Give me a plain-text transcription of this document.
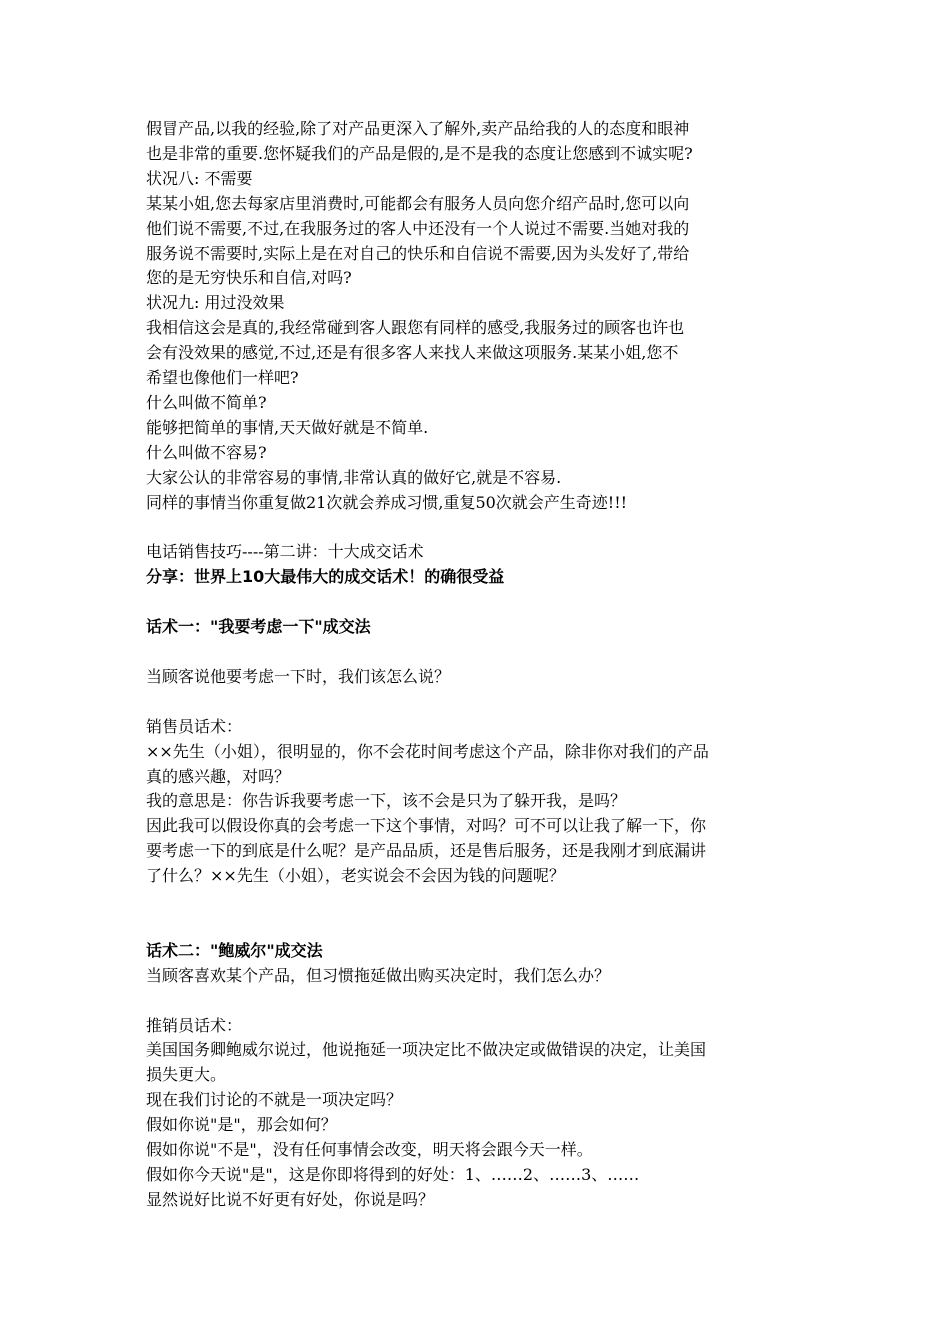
假冒产品,以我的经验,除了对产品更深入了解外,卖产品给我的人的态度和眼神

也是非常的重要.您怀疑我们的产品是假的,是不是我的态度让您感到不诚实呢?

状况八: 不需要

某某小姐,您去每家店里消费时,可能都会有服务人员向您介绍产品时,您可以向

他们说不需要,不过,在我服务过的客人中还没有一个人说过不需要.当她对我的

服务说不需要时,实际上是在对自己的快乐和自信说不需要,因为头发好了,带给

您的是无穷快乐和自信,对吗?

状况九: 用过没效果

我相信这会是真的,我经常碰到客人跟您有同样的感受,我服务过的顾客也许也

会有没效果的感觉,不过,还是有很多客人来找人来做这项服务.某某小姐,您不

希望也像他们一样吧?

什么叫做不简单?

能够把简单的事情,天天做好就是不简单.

什么叫做不容易?

大家公认的非常容易的事情,非常认真的做好它,就是不容易.

同样的事情当你重复做21次就会养成习惯,重复50次就会产生奇迹!!!

电话销售技巧----第二讲：十大成交话术

分享：世界上10大最伟大的成交话术！的确很受益

话术一："我要考虑一下"成交法

当顾客说他要考虑一下时，我们该怎么说？

销售员话术：

××先生（小姐），很明显的，你不会花时间考虑这个产品，除非你对我们的产品

真的感兴趣，对吗？

我的意思是：你告诉我要考虑一下，该不会是只为了躲开我，是吗？

因此我可以假设你真的会考虑一下这个事情，对吗？可不可以让我了解一下，你

要考虑一下的到底是什么呢？是产品品质，还是售后服务，还是我刚才到底漏讲

了什么？××先生（小姐），老实说会不会因为钱的问题呢？

话术二："鲍威尔"成交法

当顾客喜欢某个产品，但习惯拖延做出购买决定时，我们怎么办？

推销员话术：

美国国务卿鲍威尔说过，他说拖延一项决定比不做决定或做错误的决定，让美国

损失更大。

现在我们讨论的不就是一项决定吗？

假如你说"是"，那会如何？

假如你说"不是"，没有任何事情会改变，明天将会跟今天一样。

假如你今天说"是"，这是你即将得到的好处：1、……2、……3、……

显然说好比说不好更有好处，你说是吗？
